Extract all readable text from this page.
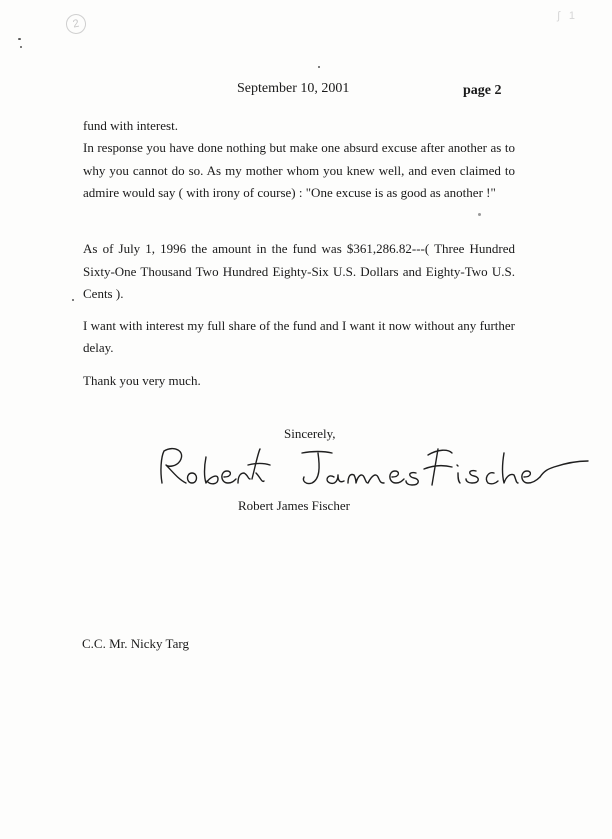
2
ʃ 1
September 10, 2001	page 2

fund with interest.

In response you have done nothing but make one absurd excuse after another as to why you cannot do so. As my mother whom you knew well, and even claimed to admire would say ( with irony of course) : "One excuse is as good as another !"

As of July 1, 1996 the amount in the fund was $361,286.82---( Three Hundred Sixty-One Thousand Two Hundred Eighty-Six U.S. Dollars and Eighty-Two U.S. Cents ).

I want with interest my full share of the fund and I want it now without any further delay.

Thank you very much.

Sincerely,
Robert James Fischer
C.C. Mr. Nicky Targ
